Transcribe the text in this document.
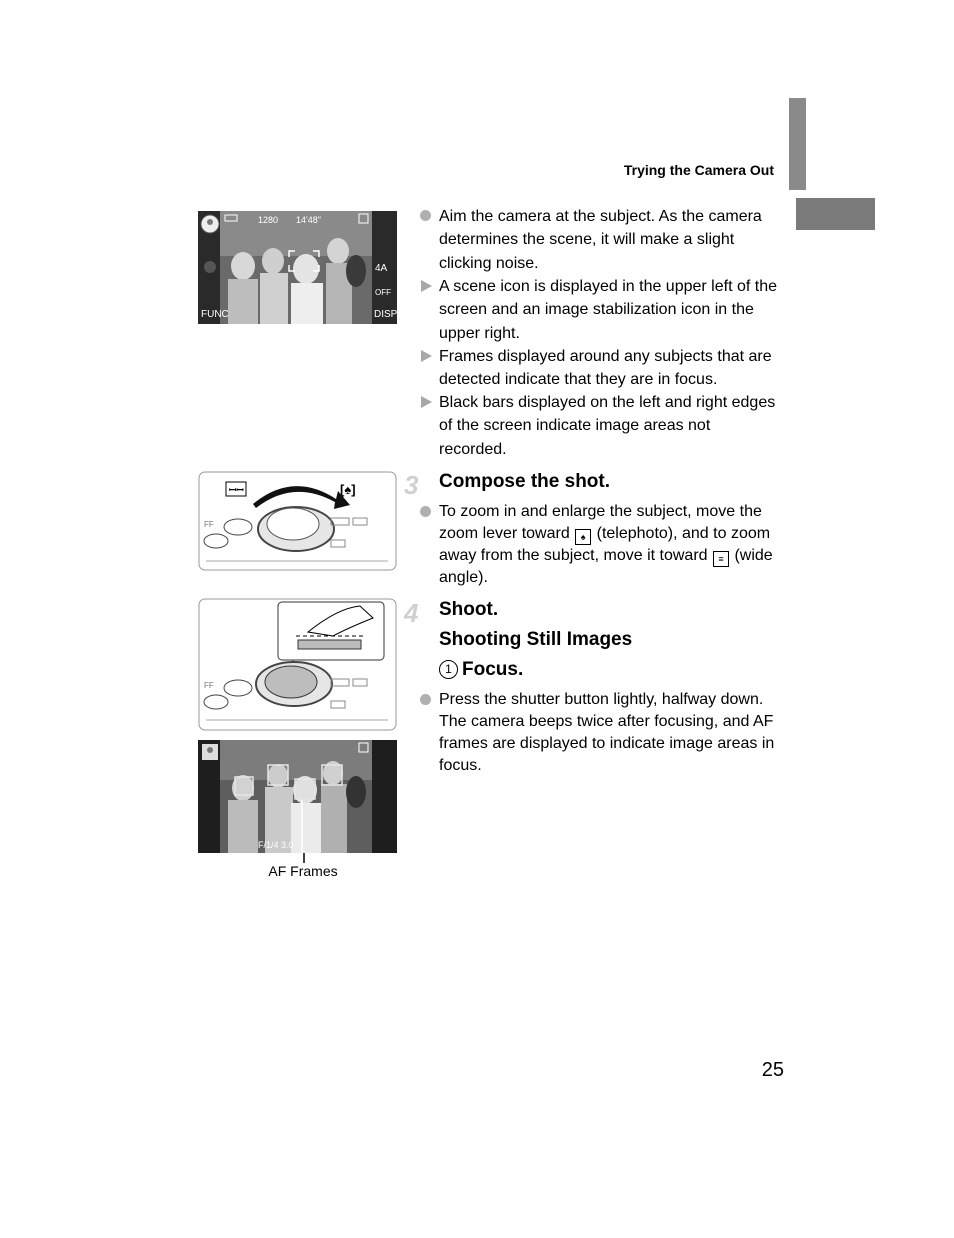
Trying the Camera Out
1280 14'48"
4A
OFF
FUNC	DISP
Aim the camera at the subject. As the camera determines the scene, it will make a slight clicking noise.
A scene icon is displayed in the upper left of the screen and an image stabilization icon in the upper right.
Frames displayed around any subjects that are detected indicate that they are in focus.
Black bars displayed on the left and right edges of the screen indicate image areas not recorded.
ꟷꟷ	[♠]
FF
3 Compose the shot.
To zoom in and enlarge the subject, move the zoom lever toward ♠ (telephoto), and to zoom away from the subject, move it toward ≡ (wide angle).
FF
4 Shoot.
Shooting Still Images
1 Focus.
Press the shutter button lightly, halfway down. The camera beeps twice after focusing, and AF frames are displayed to indicate image areas in focus.
F/1/4 3.0
AF Frames
25
